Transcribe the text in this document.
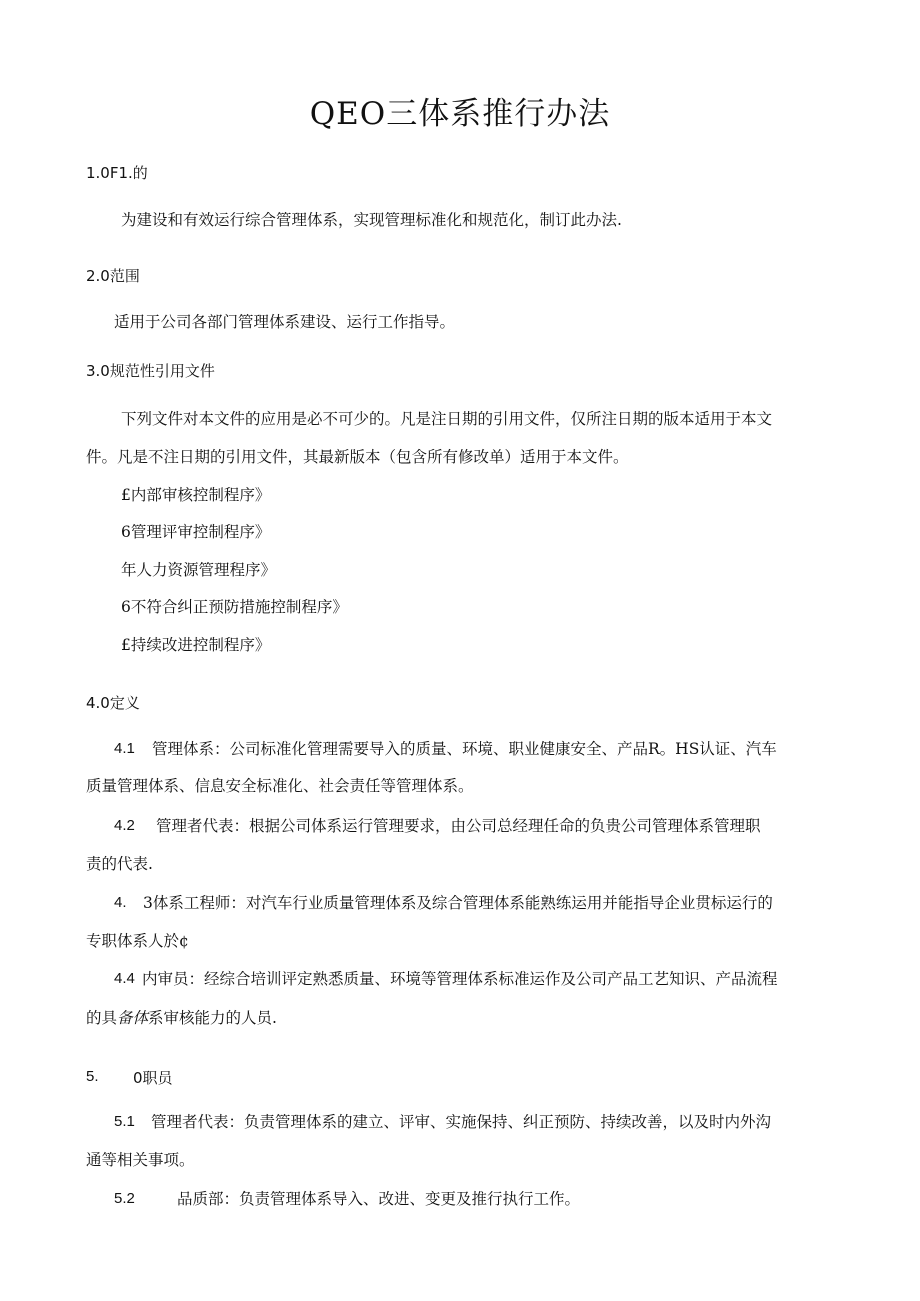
QEO三体系推行办法
1.0F1.的
为建设和有效运行综合管理体系，实现管理标准化和规范化，制订此办法.
2.0范围
适用于公司各部门管理体系建设、运行工作指导。
3.0规范性引用文件
下列文件对本文件的应用是必不可少的。凡是注日期的引用文件，仅所注日期的版本适用于本文
件。凡是不注日期的引用文件，其最新版本（包含所有修改单）适用于本文件。
£内部审核控制程序》
6管理评审控制程序》
年人力资源管理程序》
6不符合纠正预防措施控制程序》
£持续改进控制程序》
4.0定义
4.1 管理体系：公司标准化管理需要导入的质量、环境、职业健康安全、产品R。HS认证、汽车
质量管理体系、信息安全标准化、社会责任等管理体系。
4.2 管理者代表：根据公司体系运行管理要求，由公司总经理任命的负贵公司管理体系管理职
责的代表.
4. 3体系工程师：对汽车行业质量管理体系及综合管理体系能熟练运用并能指导企业贯标运行的
专职体系人於¢
4.4 内审员：经综合培训评定熟悉质量、环境等管理体系标准运作及公司产品工艺知识、产品流程
的具备体系审核能力的人员.
5. 0职员
5.1 管理者代表：负责管理体系的建立、评审、实施保持、纠正预防、持续改善，以及时内外沟
通等相关事项。
5.2	品质部：负责管理体系导入、改进、变更及推行执行工作。
